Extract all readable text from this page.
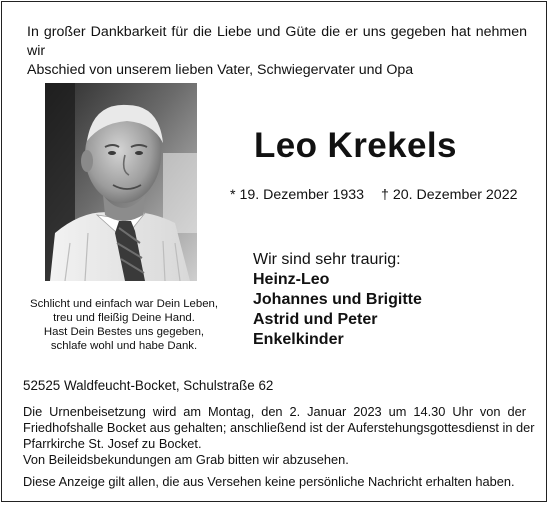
In großer Dankbarkeit für die Liebe und Güte die er uns gegeben hat nehmen wir
Abschied von unserem lieben Vater, Schwiegervater und Opa
Schlicht und einfach war Dein Leben,
treu und fleißig Deine Hand.
Hast Dein Bestes uns gegeben,
schlafe wohl und habe Dank.
Leo Krekels
* 19. Dezember 1933 † 20. Dezember 2022
Wir sind sehr traurig:
Heinz-Leo
Johannes und Brigitte
Astrid und Peter
Enkelkinder
52525 Waldfeucht-Bocket, Schulstraße 62
Die Urnenbeisetzung wird am Montag, den 2. Januar 2023 um 14.30 Uhr von der
Friedhofshalle Bocket aus gehalten; anschließend ist der Auferstehungsgottesdienst in der
Pfarrkirche St. Josef zu Bocket.
Von Beileidsbekundungen am Grab bitten wir abzusehen.
Diese Anzeige gilt allen, die aus Versehen keine persönliche Nachricht erhalten haben.
